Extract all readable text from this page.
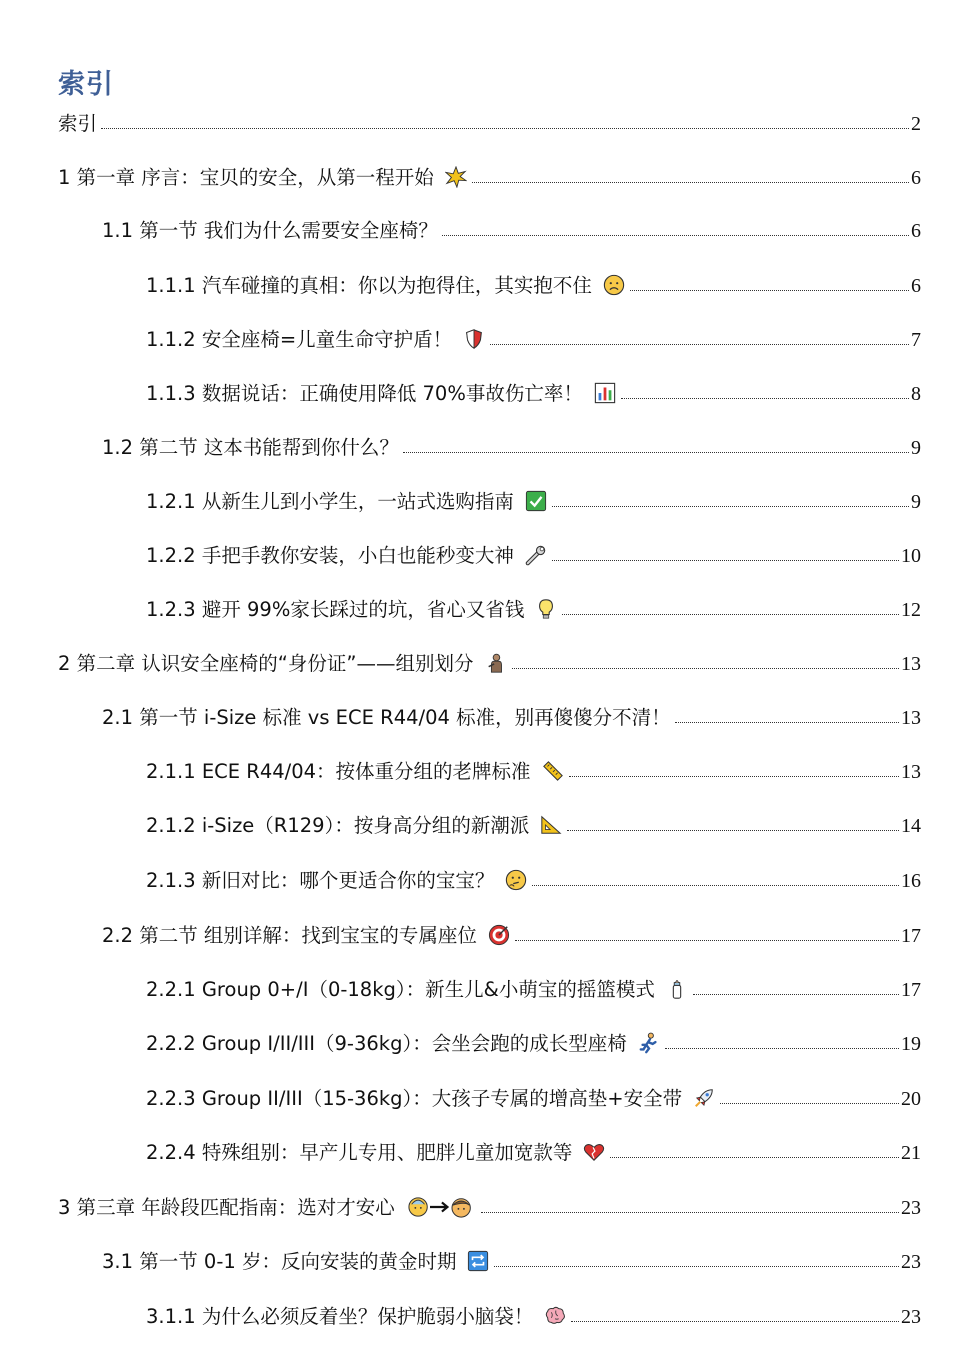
索引
索引	2
1 第一章 序言：宝贝的安全，从第一程开始	6
1.1 第一节 我们为什么需要安全座椅？	6
1.1.1 汽车碰撞的真相：你以为抱得住，其实抱不住	6
1.1.2 安全座椅=儿童生命守护盾！	7
1.1.3 数据说话：正确使用降低 70%事故伤亡率！	8
1.2 第二节 这本书能帮到你什么？	9
1.2.1 从新生儿到小学生，一站式选购指南	9
1.2.2 手把手教你安装，小白也能秒变大神	10
1.2.3 避开 99%家长踩过的坑，省心又省钱	12
2 第二章 认识安全座椅的“身份证”——组别划分	13
2.1 第一节 i-Size 标准 vs ECE R44/04 标准，别再傻傻分不清！	13
2.1.1 ECE R44/04：按体重分组的老牌标准	13
2.1.2 i-Size（R129）：按身高分组的新潮派	14
2.1.3 新旧对比：哪个更适合你的宝宝？	16
2.2 第二节 组别详解：找到宝宝的专属座位	17
2.2.1 Group 0+/I（0-18kg）：新生儿&小萌宝的摇篮模式	17
2.2.2 Group I/II/III（9-36kg）：会坐会跑的成长型座椅	19
2.2.3 Group II/III（15-36kg）：大孩子专属的增高垫+安全带	20
2.2.4 特殊组别：早产儿专用、肥胖儿童加宽款等	21
3 第三章 年龄段匹配指南：选对才安心	23
3.1 第一节 0-1 岁：反向安装的黄金时期	23
3.1.1 为什么必须反着坐？保护脆弱小脑袋！	23
